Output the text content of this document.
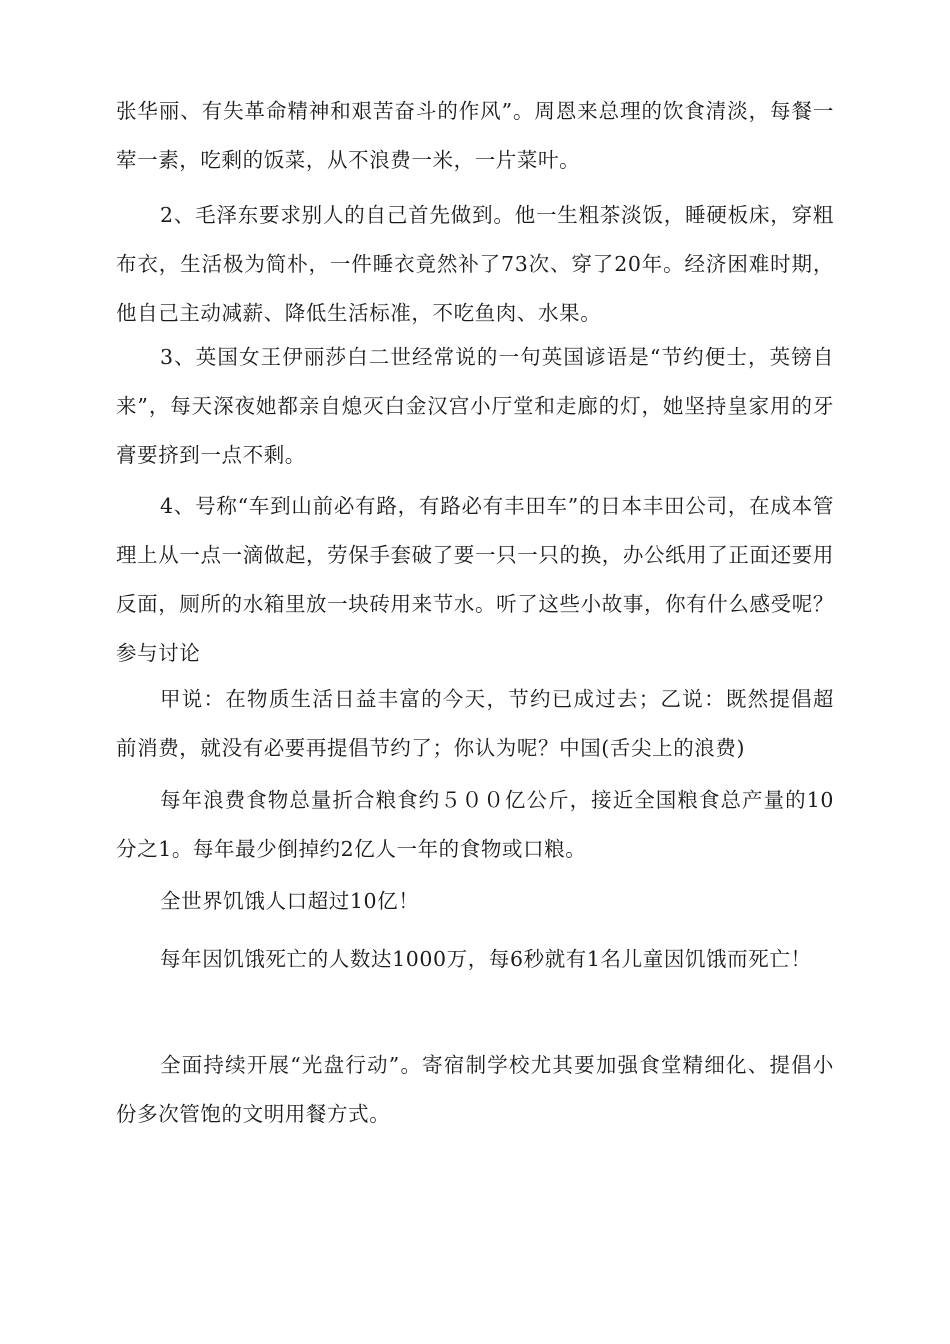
张华丽、有失革命精神和艰苦奋斗的作风”。周恩来总理的饮食清淡，每餐一荤一素，吃剩的饭菜，从不浪费一米，一片菜叶。

2、毛泽东要求别人的自己首先做到。他一生粗茶淡饭，睡硬板床，穿粗布衣，生活极为简朴，一件睡衣竟然补了73次、穿了20年。经济困难时期，他自己主动减薪、降低生活标准，不吃鱼肉、水果。

3、英国女王伊丽莎白二世经常说的一句英国谚语是“节约便士，英镑自来”，每天深夜她都亲自熄灭白金汉宫小厅堂和走廊的灯，她坚持皇家用的牙膏要挤到一点不剩。

4、号称“车到山前必有路，有路必有丰田车”的日本丰田公司，在成本管理上从一点一滴做起，劳保手套破了要一只一只的换，办公纸用了正面还要用反面，厕所的水箱里放一块砖用来节水。听了这些小故事，你有什么感受呢？参与讨论

甲说：在物质生活日益丰富的今天，节约已成过去；乙说：既然提倡超前消费，就没有必要再提倡节约了；你认为呢？中国(舌尖上的浪费)

每年浪费食物总量折合粮食约５００亿公斤，接近全国粮食总产量的10分之1。每年最少倒掉约2亿人一年的食物或口粮。

全世界饥饿人口超过10亿！

每年因饥饿死亡的人数达1000万，每6秒就有1名儿童因饥饿而死亡！

全面持续开展“光盘行动”。寄宿制学校尤其要加强食堂精细化、提倡小份多次管饱的文明用餐方式。
